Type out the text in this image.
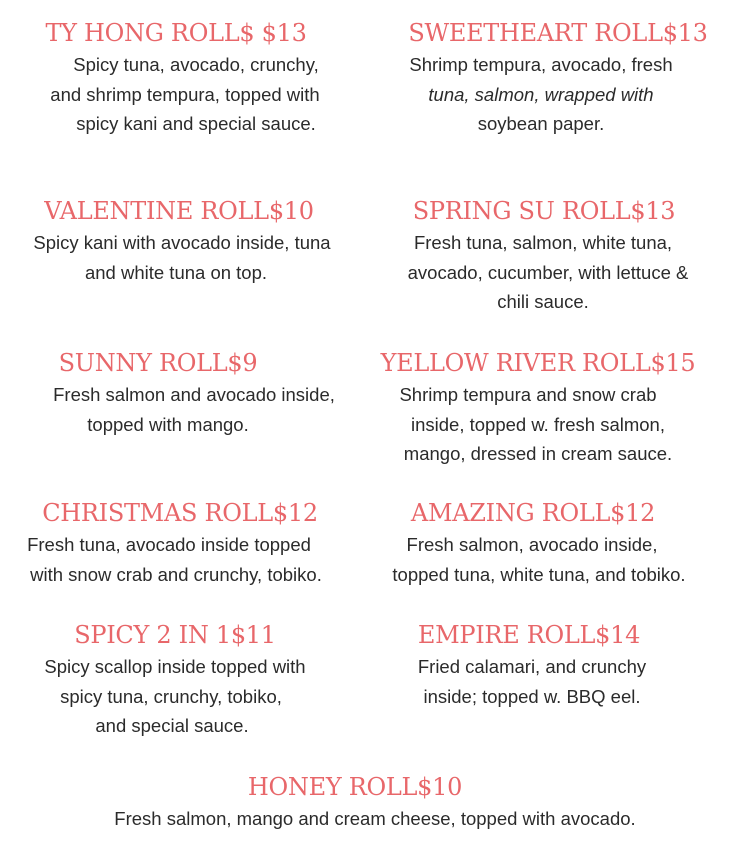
TY HONG ROLL$ $13
Spicy tuna, avocado, crunchy,
and shrimp tempura, topped with
spicy kani and special sauce.
SWEETHEART ROLL$13
Shrimp tempura, avocado, fresh
tuna, salmon, wrapped with
soybean paper.
VALENTINE ROLL$10
Spicy kani with avocado inside, tuna
and white tuna on top.
SPRING SU ROLL$13
Fresh tuna, salmon, white tuna,
avocado, cucumber, with lettuce &
chili sauce.
SUNNY ROLL$9
Fresh salmon and avocado inside,
topped with mango.
YELLOW RIVER ROLL$15
Shrimp tempura and snow crab
inside, topped w. fresh salmon,
mango, dressed in cream sauce.
CHRISTMAS ROLL$12
Fresh tuna, avocado inside topped
with snow crab and crunchy, tobiko.
AMAZING ROLL$12
Fresh salmon, avocado inside,
topped tuna, white tuna, and tobiko.
SPICY 2 IN 1$11
Spicy scallop inside topped with
spicy tuna, crunchy, tobiko,
and special sauce.
EMPIRE ROLL$14
Fried calamari, and crunchy
inside; topped w. BBQ eel.
HONEY ROLL$10
Fresh salmon, mango and cream cheese, topped with avocado.
